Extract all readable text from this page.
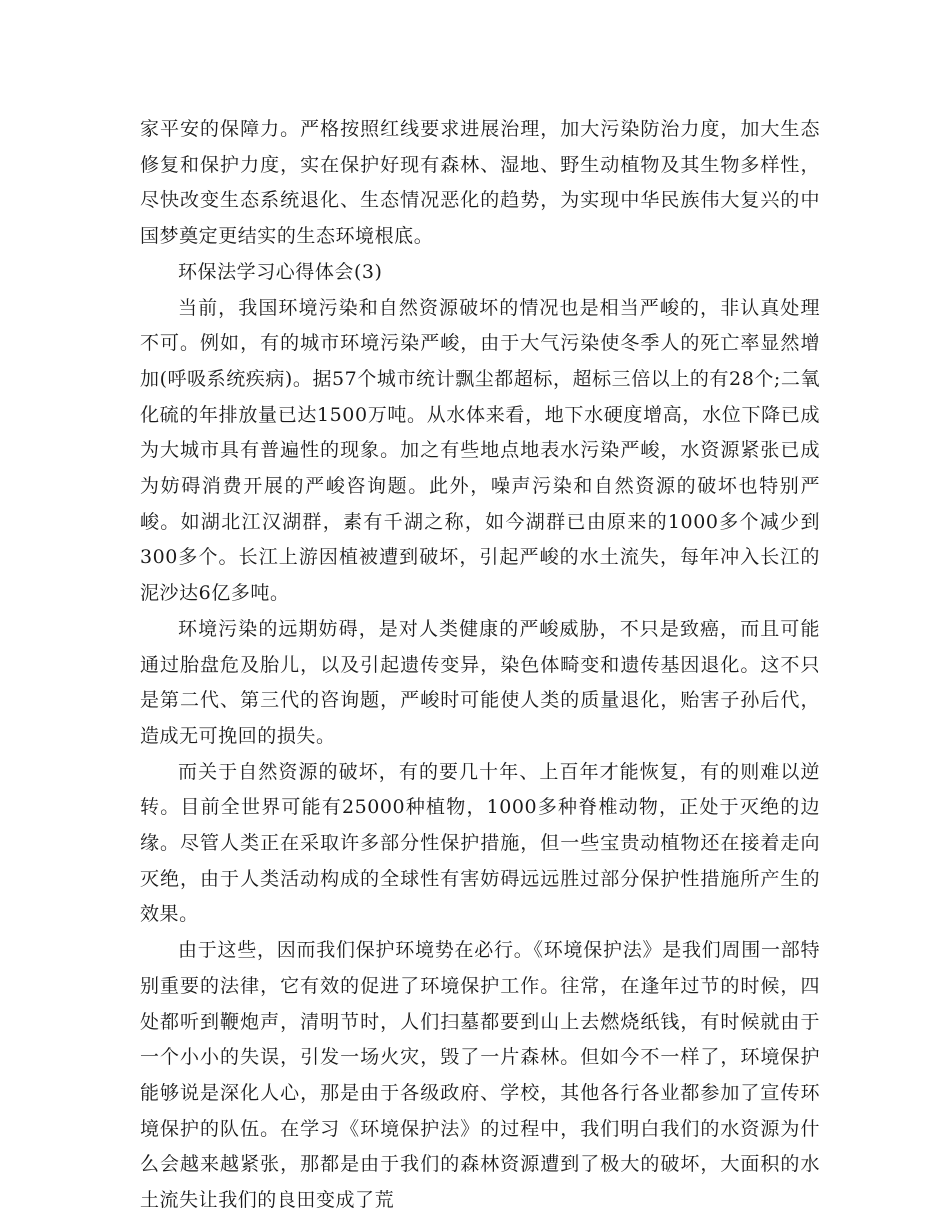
家平安的保障力。严格按照红线要求进展治理，加大污染防治力度，加大生态修复和保护力度，实在保护好现有森林、湿地、野生动植物及其生物多样性，尽快改变生态系统退化、生态情况恶化的趋势，为实现中华民族伟大复兴的中国梦奠定更结实的生态环境根底。

环保法学习心得体会(3)

当前，我国环境污染和自然资源破坏的情况也是相当严峻的，非认真处理不可。例如，有的城市环境污染严峻，由于大气污染使冬季人的死亡率显然增加(呼吸系统疾病)。据57个城市统计飘尘都超标，超标三倍以上的有28个;二氧化硫的年排放量已达1500万吨。从水体来看，地下水硬度增高，水位下降已成为大城市具有普遍性的现象。加之有些地点地表水污染严峻，水资源紧张已成为妨碍消费开展的严峻咨询题。此外，噪声污染和自然资源的破坏也特别严峻。如湖北江汉湖群，素有千湖之称，如今湖群已由原来的1000多个减少到300多个。长江上游因植被遭到破坏，引起严峻的水土流失，每年冲入长江的泥沙达6亿多吨。

环境污染的远期妨碍，是对人类健康的严峻威胁，不只是致癌，而且可能通过胎盘危及胎儿，以及引起遗传变异，染色体畸变和遗传基因退化。这不只是第二代、第三代的咨询题，严峻时可能使人类的质量退化，贻害子孙后代，造成无可挽回的损失。

而关于自然资源的破坏，有的要几十年、上百年才能恢复，有的则难以逆转。目前全世界可能有25000种植物，1000多种脊椎动物，正处于灭绝的边缘。尽管人类正在采取许多部分性保护措施，但一些宝贵动植物还在接着走向灭绝，由于人类活动构成的全球性有害妨碍远远胜过部分保护性措施所产生的效果。

由于这些，因而我们保护环境势在必行。《环境保护法》是我们周围一部特别重要的法律，它有效的促进了环境保护工作。往常，在逢年过节的时候，四处都听到鞭炮声，清明节时，人们扫墓都要到山上去燃烧纸钱，有时候就由于一个小小的失误，引发一场火灾，毁了一片森林。但如今不一样了，环境保护能够说是深化人心，那是由于各级政府、学校，其他各行各业都参加了宣传环境保护的队伍。在学习《环境保护法》的过程中，我们明白我们的水资源为什么会越来越紧张，那都是由于我们的森林资源遭到了极大的破坏，大面积的水土流失让我们的良田变成了荒
